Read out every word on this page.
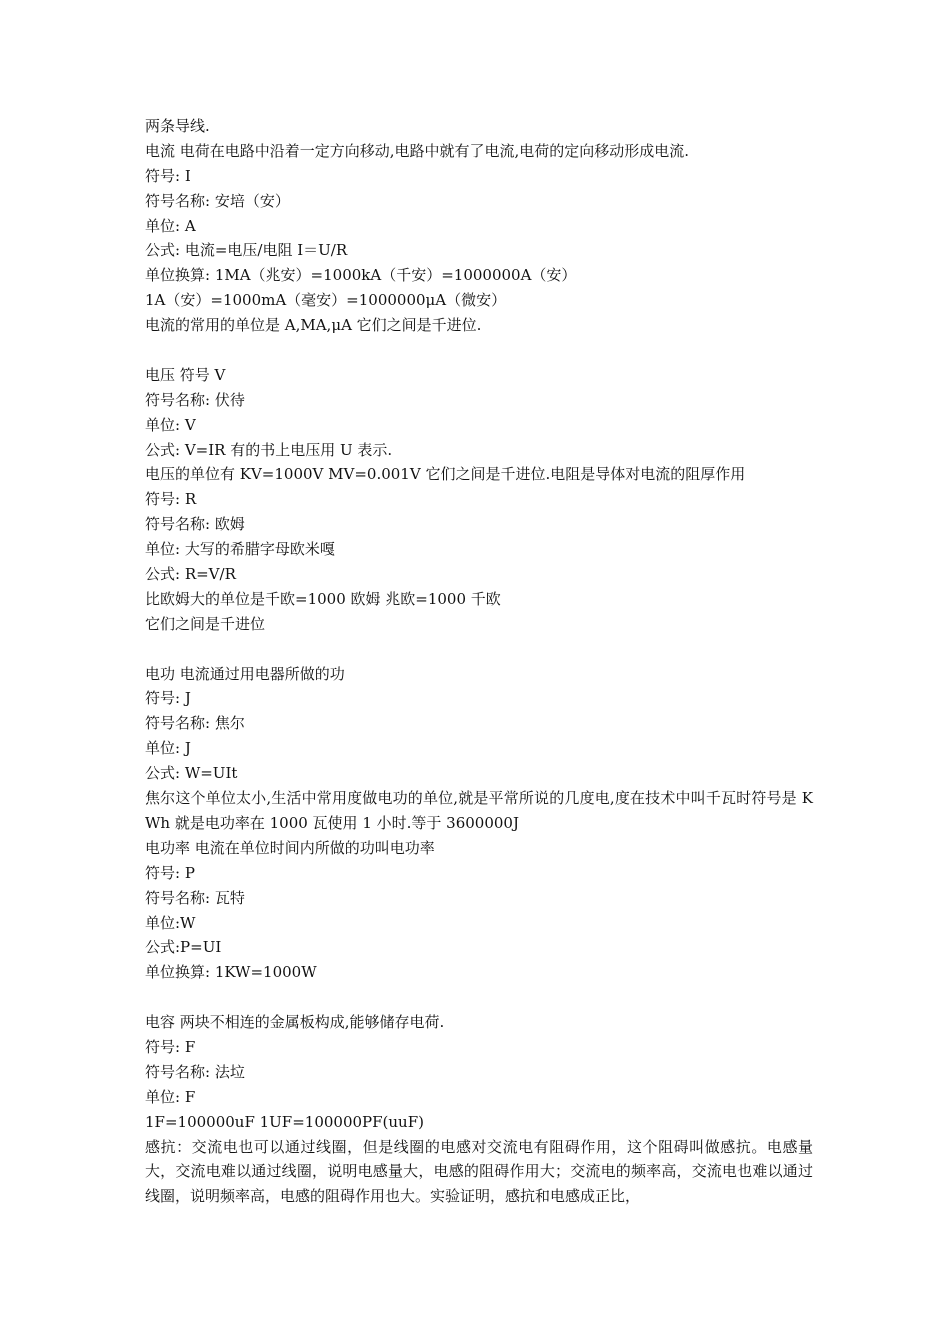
两条导线.
电流 电荷在电路中沿着一定方向移动,电路中就有了电流,电荷的定向移动形成电流.
符号: I
符号名称: 安培（安）
单位: A
公式: 电流=电压/电阻 I＝U/R
单位换算: 1MA（兆安）=1000kA（千安）=1000000A（安）
1A（安）=1000mA（毫安）=1000000μA（微安）
电流的常用的单位是 A,MA,μA 它们之间是千进位.
电压 符号 V
符号名称: 伏待
单位: V
公式: V=IR 有的书上电压用 U 表示.
电压的单位有 KV=1000V MV=0.001V 它们之间是千进位.电阻是导体对电流的阻厚作用
符号: R
符号名称: 欧姆
单位: 大写的希腊字母欧米嘎
公式: R=V/R
比欧姆大的单位是千欧=1000 欧姆 兆欧=1000 千欧
它们之间是千进位
电功 电流通过用电器所做的功
符号: J
符号名称: 焦尔
单位: J
公式: W=UIt
焦尔这个单位太小,生活中常用度做电功的单位,就是平常所说的几度电,度在技术中叫千瓦时符号是 KWh 就是电功率在 1000 瓦使用 1 小时.等于 3600000J
电功率 电流在单位时间内所做的功叫电功率
符号: P
符号名称: 瓦特
单位:W
公式:P=UI
单位换算: 1KW=1000W
电容 两块不相连的金属板构成,能够储存电荷.
符号: F
符号名称: 法垃
单位: F
1F=100000uF 1UF=100000PF(uuF)
感抗：交流电也可以通过线圈，但是线圈的电感对交流电有阻碍作用，这个阻碍叫做感抗。电感量大，交流电难以通过线圈，说明电感量大，电感的阻碍作用大；交流电的频率高，交流电也难以通过线圈，说明频率高，电感的阻碍作用也大。实验证明，感抗和电感成正比，
